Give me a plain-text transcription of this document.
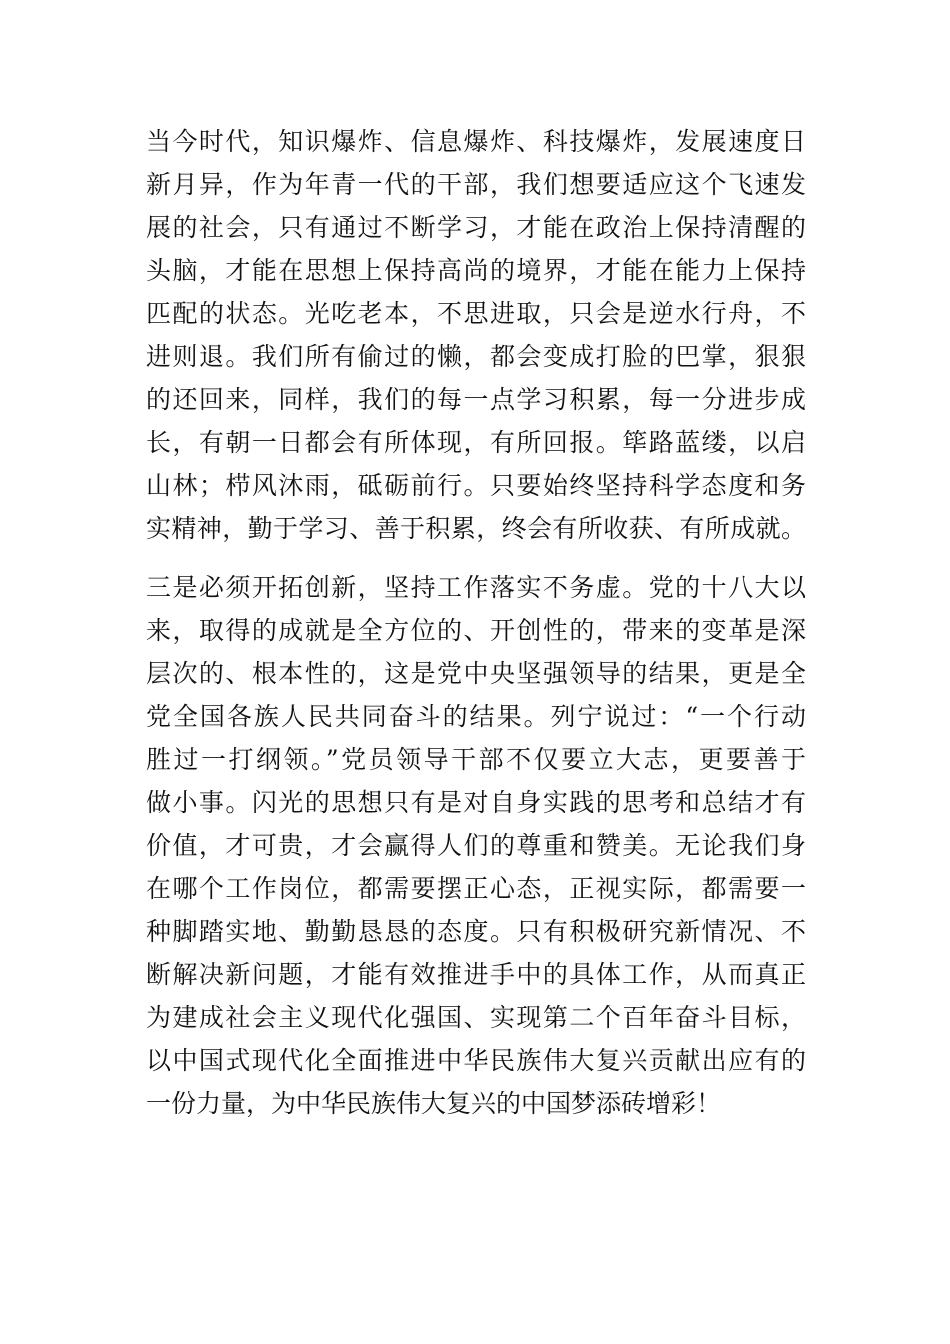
当今时代，知识爆炸、信息爆炸、科技爆炸，发展速度日
新月异，作为年青一代的干部，我们想要适应这个飞速发
展的社会，只有通过不断学习，才能在政治上保持清醒的
头脑，才能在思想上保持高尚的境界，才能在能力上保持
匹配的状态。光吃老本，不思进取，只会是逆水行舟，不
进则退。我们所有偷过的懒，都会变成打脸的巴掌，狠狠
的还回来，同样，我们的每一点学习积累，每一分进步成
长，有朝一日都会有所体现，有所回报。筚路蓝缕，以启
山林；栉风沐雨，砥砺前行。只要始终坚持科学态度和务
实精神，勤于学习、善于积累，终会有所收获、有所成就。
三是必须开拓创新，坚持工作落实不务虚。党的十八大以
来，取得的成就是全方位的、开创性的，带来的变革是深
层次的、根本性的，这是党中央坚强领导的结果，更是全
党全国各族人民共同奋斗的结果。列宁说过：“一个行动
胜过一打纲领。”党员领导干部不仅要立大志，更要善于
做小事。闪光的思想只有是对自身实践的思考和总结才有
价值，才可贵，才会赢得人们的尊重和赞美。无论我们身
在哪个工作岗位，都需要摆正心态，正视实际，都需要一
种脚踏实地、勤勤恳恳的态度。只有积极研究新情况、不
断解决新问题，才能有效推进手中的具体工作，从而真正
为建成社会主义现代化强国、实现第二个百年奋斗目标，
以中国式现代化全面推进中华民族伟大复兴贡献出应有的
一份力量，为中华民族伟大复兴的中国梦添砖增彩！
